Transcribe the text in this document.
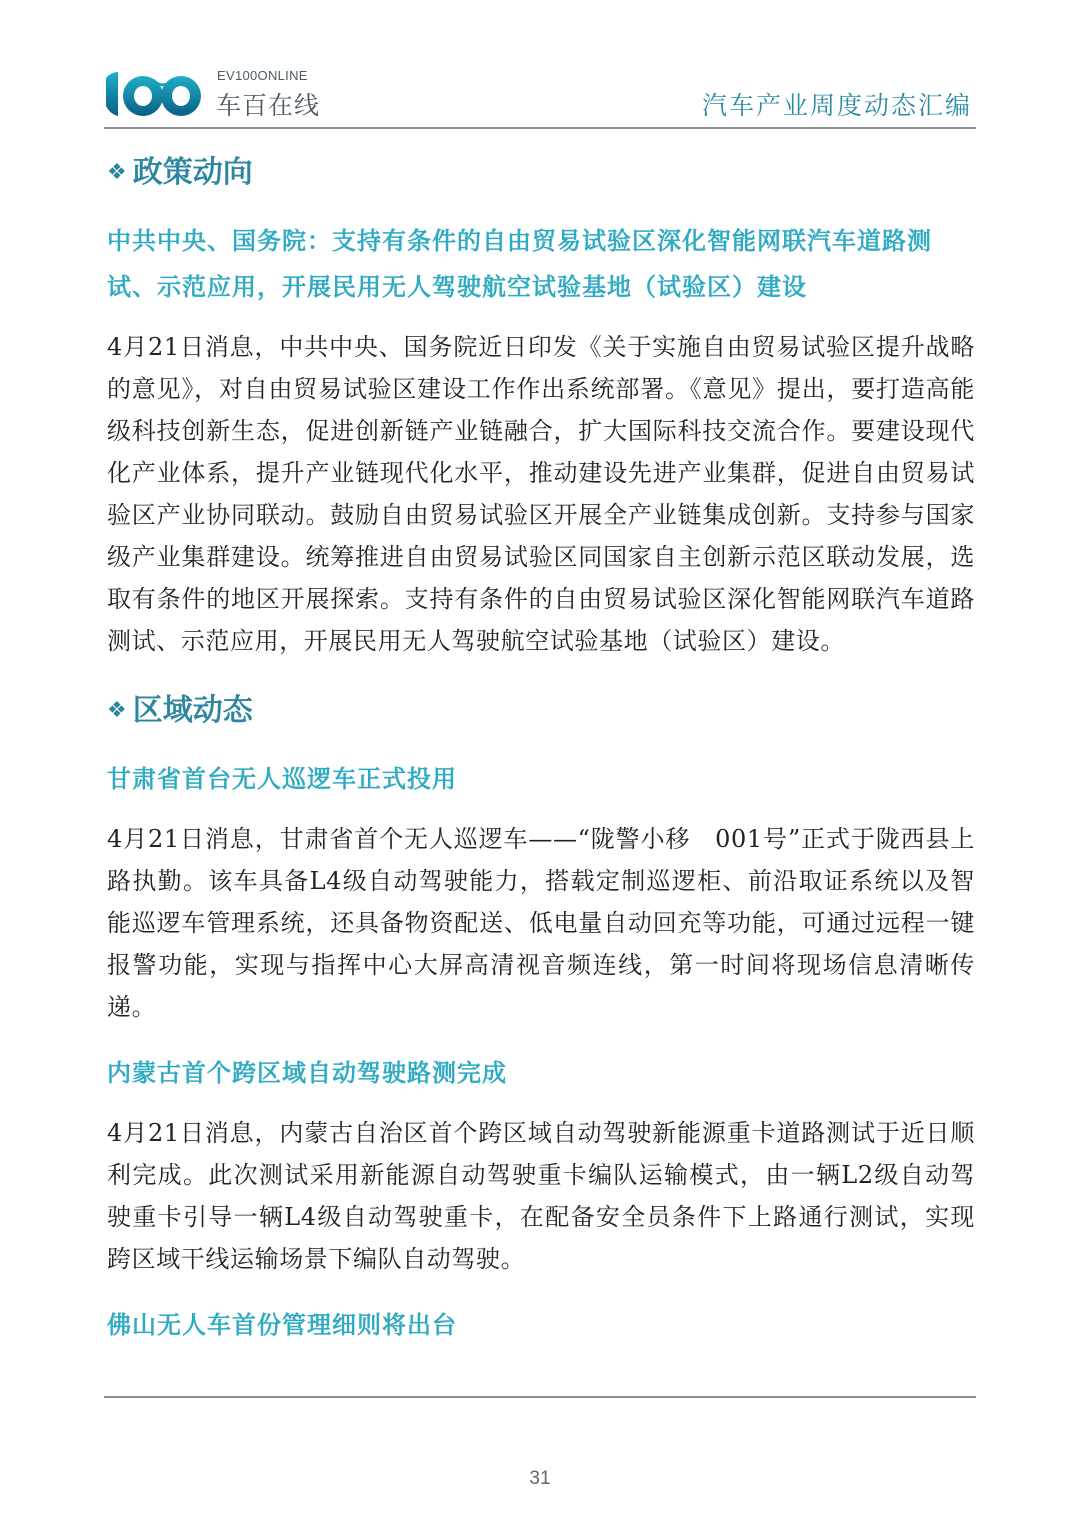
EV100ONLINE
车百在线	汽车产业周度动态汇编
❖ 政策动向
中共中央、国务院：支持有条件的自由贸易试验区深化智能网联汽车道路测试、示范应用，开展民用无人驾驶航空试验基地（试验区）建设

4月21日消息，中共中央、国务院近日印发《关于实施自由贸易试验区提升战略的意见》，对自由贸易试验区建设工作作出系统部署。《意见》提出，要打造高能级科技创新生态，促进创新链产业链融合，扩大国际科技交流合作。要建设现代化产业体系，提升产业链现代化水平，推动建设先进产业集群，促进自由贸易试验区产业协同联动。鼓励自由贸易试验区开展全产业链集成创新。支持参与国家级产业集群建设。统筹推进自由贸易试验区同国家自主创新示范区联动发展，选取有条件的地区开展探索。支持有条件的自由贸易试验区深化智能网联汽车道路测试、示范应用，开展民用无人驾驶航空试验基地（试验区）建设。

❖ 区域动态
甘肃省首台无人巡逻车正式投用

4月21日消息，甘肃省首个无人巡逻车——“陇警小移　001号”正式于陇西县上路执勤。该车具备L4级自动驾驶能力，搭载定制巡逻柜、前沿取证系统以及智能巡逻车管理系统，还具备物资配送、低电量自动回充等功能，可通过远程一键报警功能，实现与指挥中心大屏高清视音频连线，第一时间将现场信息清晰传递。

内蒙古首个跨区域自动驾驶路测完成

4月21日消息，内蒙古自治区首个跨区域自动驾驶新能源重卡道路测试于近日顺利完成。此次测试采用新能源自动驾驶重卡编队运输模式，由一辆L2级自动驾驶重卡引导一辆L4级自动驾驶重卡，在配备安全员条件下上路通行测试，实现跨区域干线运输场景下编队自动驾驶。

佛山无人车首份管理细则将出台
31
